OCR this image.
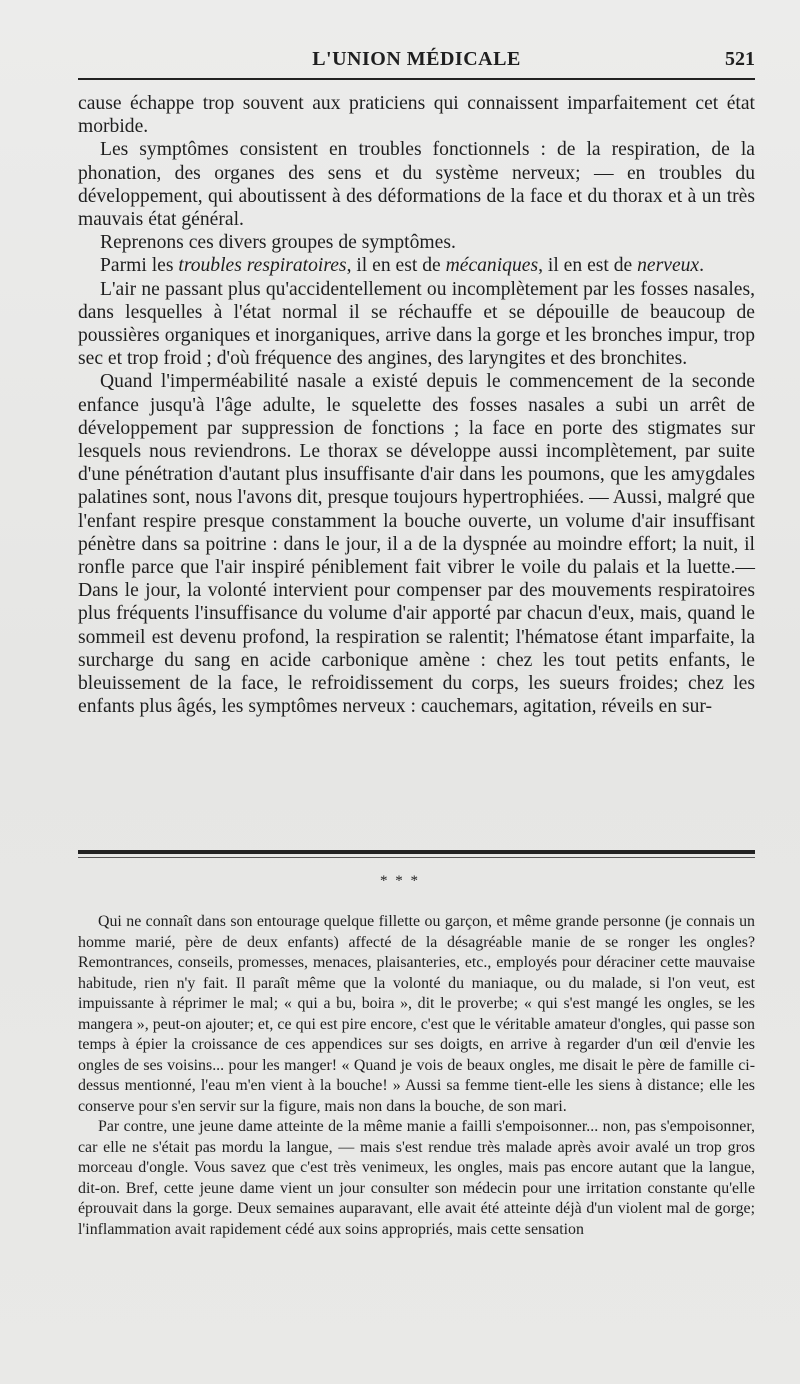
L'UNION MÉDICALE	521

cause échappe trop souvent aux praticiens qui connaissent imparfaitement cet état morbide.

Les symptômes consistent en troubles fonctionnels : de la respiration, de la phonation, des organes des sens et du système nerveux; — en troubles du développement, qui aboutissent à des déformations de la face et du thorax et à un très mauvais état général.

Reprenons ces divers groupes de symptômes.

Parmi les troubles respiratoires, il en est de mécaniques, il en est de nerveux.

L'air ne passant plus qu'accidentellement ou incomplètement par les fosses nasales, dans lesquelles à l'état normal il se réchauffe et se dépouille de beaucoup de poussières organiques et inorganiques, arrive dans la gorge et les bronches impur, trop sec et trop froid ; d'où fréquence des angines, des laryngites et des bronchites.

Quand l'imperméabilité nasale a existé depuis le commencement de la seconde enfance jusqu'à l'âge adulte, le squelette des fosses nasales a subi un arrêt de développement par suppression de fonctions ; la face en porte des stigmates sur lesquels nous reviendrons. Le thorax se développe aussi incomplètement, par suite d'une pénétration d'autant plus insuffisante d'air dans les poumons, que les amygdales palatines sont, nous l'avons dit, presque toujours hypertrophiées. — Aussi, malgré que l'enfant respire presque constamment la bouche ouverte, un volume d'air insuffisant pénètre dans sa poitrine : dans le jour, il a de la dyspnée au moindre effort; la nuit, il ronfle parce que l'air inspiré péniblement fait vibrer le voile du palais et la luette.— Dans le jour, la volonté intervient pour compenser par des mouvements respiratoires plus fréquents l'insuffisance du volume d'air apporté par chacun d'eux, mais, quand le sommeil est devenu profond, la respiration se ralentit; l'hématose étant imparfaite, la surcharge du sang en acide carbonique amène : chez les tout petits enfants, le bleuissement de la face, le refroidissement du corps, les sueurs froides; chez les enfants plus âgés, les symptômes nerveux : cauchemars, agitation, réveils en sur-

* * *

Qui ne connaît dans son entourage quelque fillette ou garçon, et même grande personne (je connais un homme marié, père de deux enfants) affecté de la désagréable manie de se ronger les ongles? Remontrances, conseils, promesses, menaces, plaisanteries, etc., employés pour déraciner cette mauvaise habitude, rien n'y fait. Il paraît même que la volonté du maniaque, ou du malade, si l'on veut, est impuissante à réprimer le mal; « qui a bu, boira », dit le proverbe; « qui s'est mangé les ongles, se les mangera », peut-on ajouter; et, ce qui est pire encore, c'est que le véritable amateur d'ongles, qui passe son temps à épier la croissance de ces appendices sur ses doigts, en arrive à regarder d'un œil d'envie les ongles de ses voisins... pour les manger! « Quand je vois de beaux ongles, me disait le père de famille ci-dessus mentionné, l'eau m'en vient à la bouche! » Aussi sa femme tient-elle les siens à distance; elle les conserve pour s'en servir sur la figure, mais non dans la bouche, de son mari.

Par contre, une jeune dame atteinte de la même manie a failli s'empoisonner... non, pas s'empoisonner, car elle ne s'était pas mordu la langue, — mais s'est rendue très malade après avoir avalé un trop gros morceau d'ongle. Vous savez que c'est très venimeux, les ongles, mais pas encore autant que la langue, dit-on. Bref, cette jeune dame vient un jour consulter son médecin pour une irritation constante qu'elle éprouvait dans la gorge. Deux semaines auparavant, elle avait été atteinte déjà d'un violent mal de gorge; l'inflammation avait rapidement cédé aux soins appropriés, mais cette sensation
